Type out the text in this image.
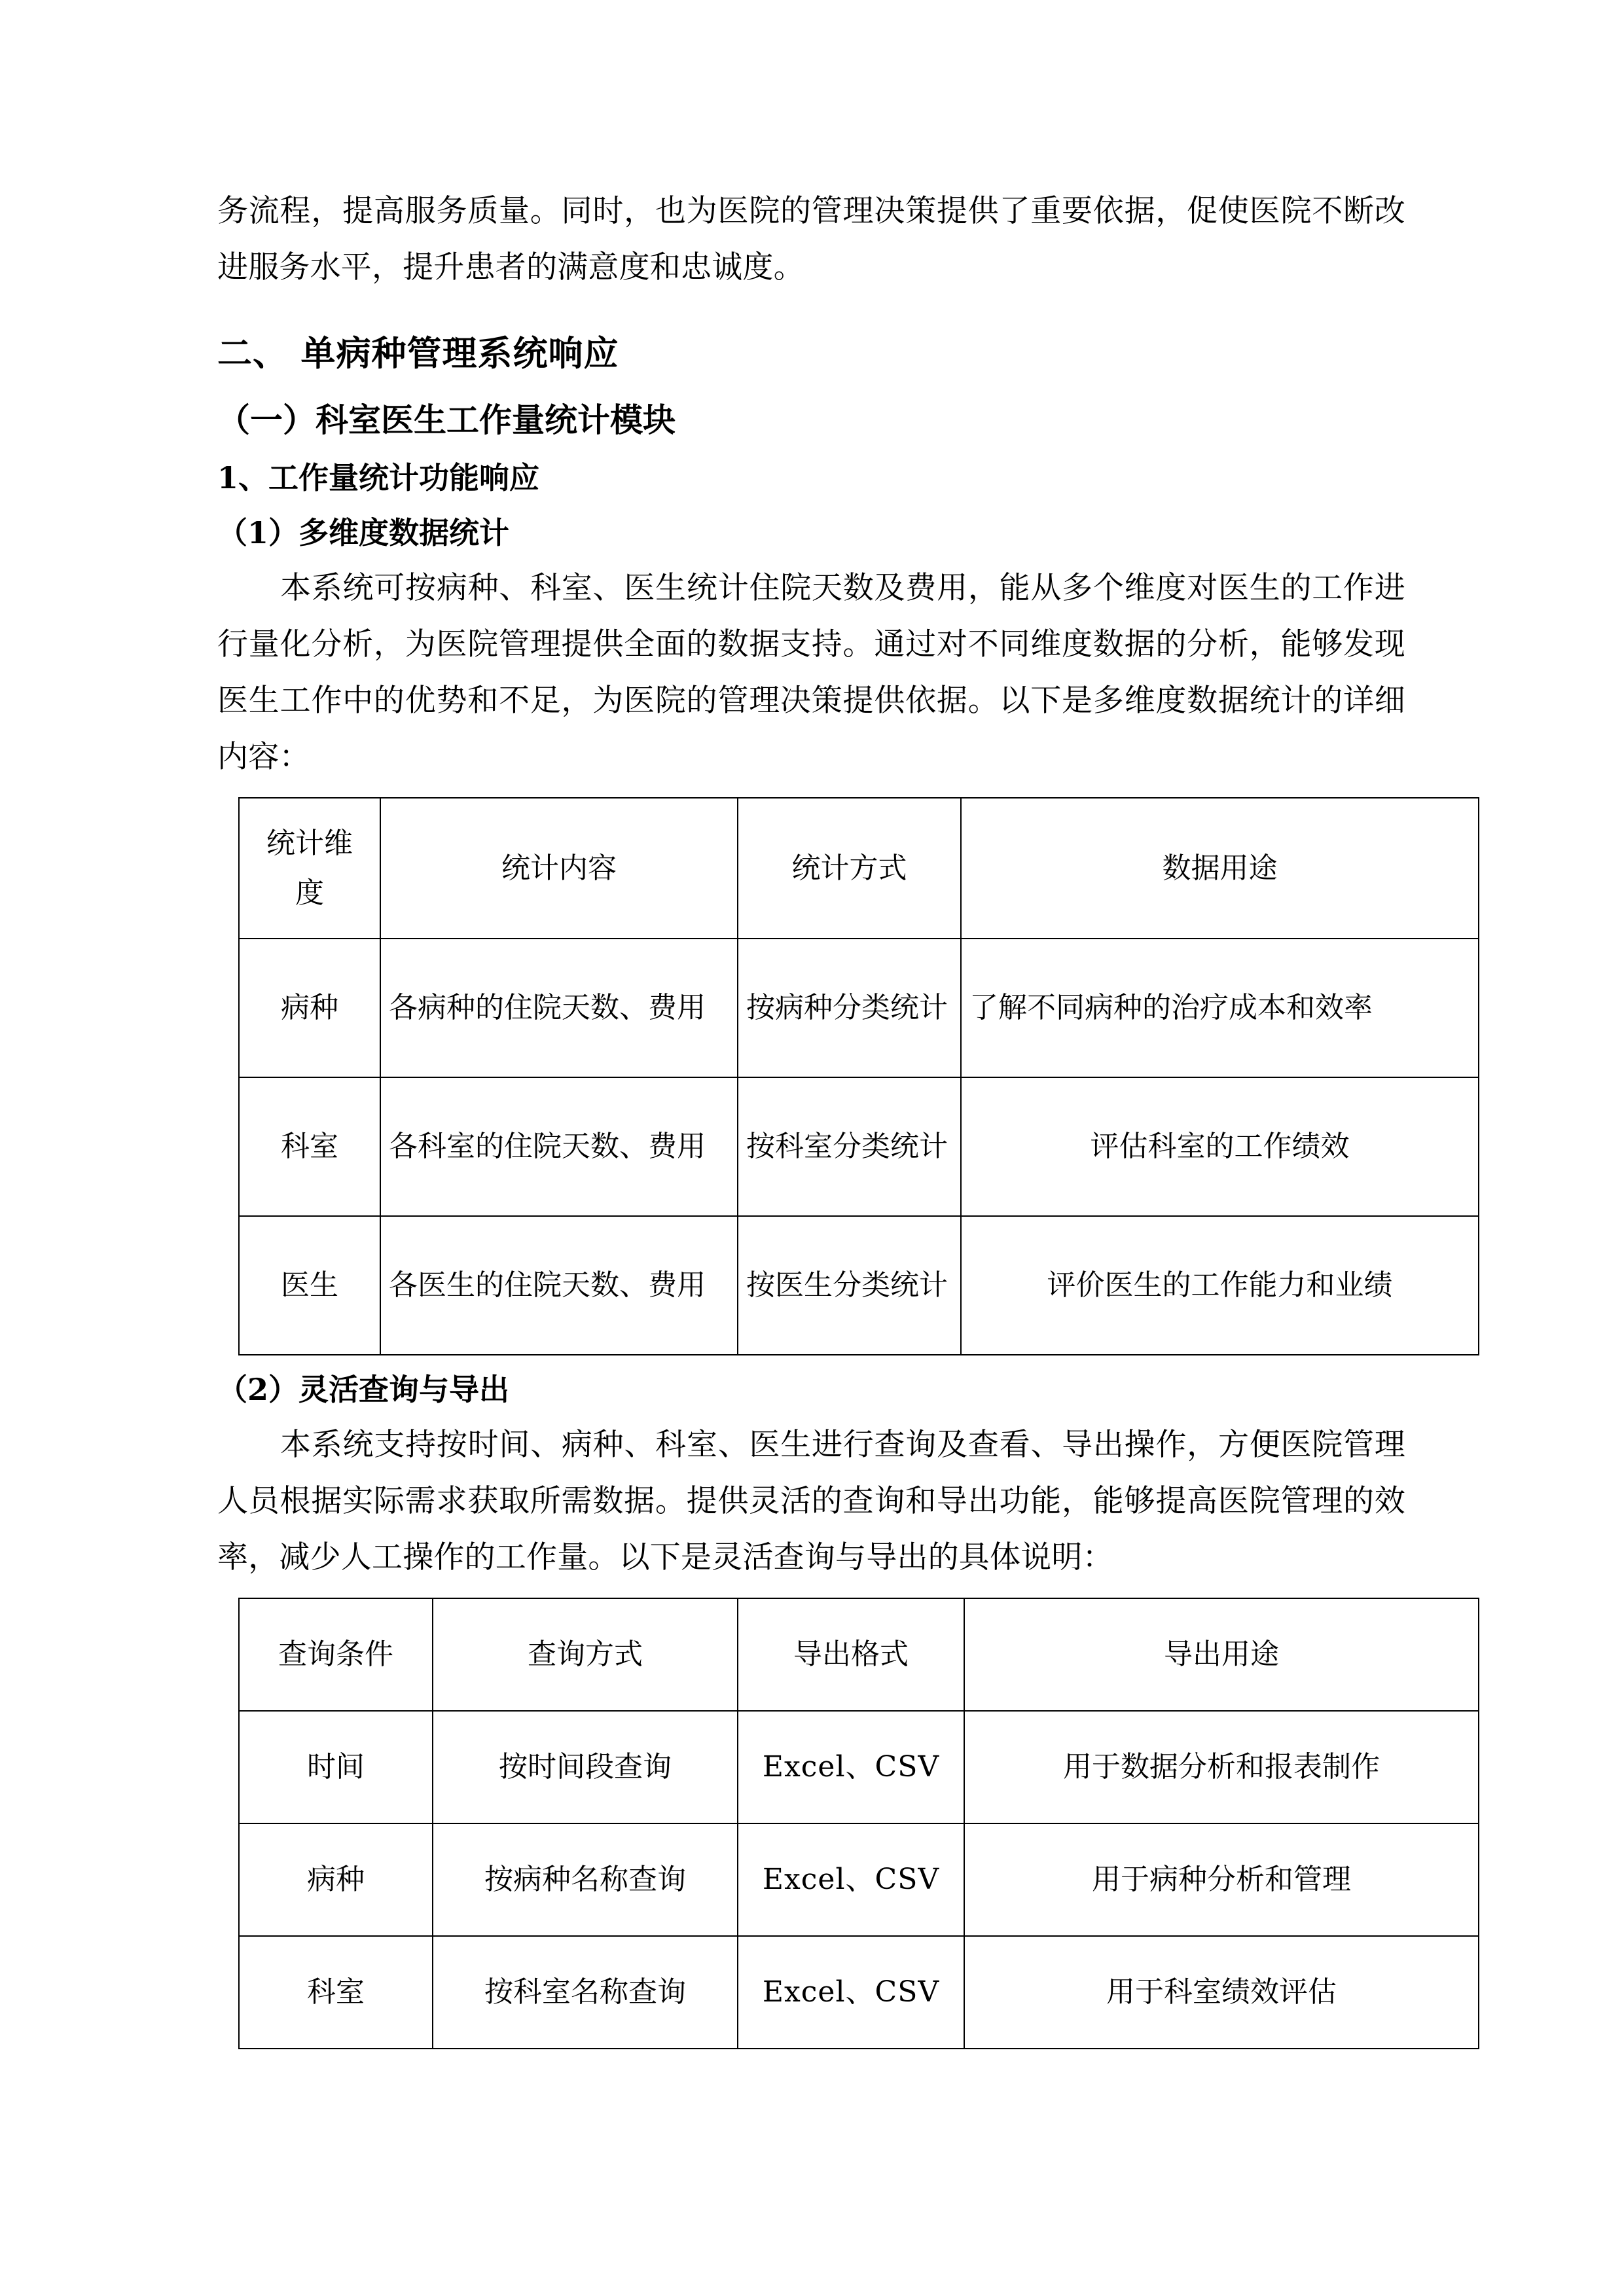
务流程，提高服务质量。同时，也为医院的管理决策提供了重要依据，促使医院不断改进服务水平，提升患者的满意度和忠诚度。

二、 单病种管理系统响应
（一）科室医生工作量统计模块
1、工作量统计功能响应
（1）多维度数据统计

本系统可按病种、科室、医生统计住院天数及费用，能从多个维度对医生的工作进行量化分析，为医院管理提供全面的数据支持。通过对不同维度数据的分析，能够发现医生工作中的优势和不足，为医院的管理决策提供依据。以下是多维度数据统计的详细内容：

统计维
度	统计内容	统计方式	数据用途
病种	各病种的住院天数、费用	按病种分类统计	了解不同病种的治疗成本和效率
科室	各科室的住院天数、费用	按科室分类统计	评估科室的工作绩效
医生	各医生的住院天数、费用	按医生分类统计	评价医生的工作能力和业绩
（2）灵活查询与导出

本系统支持按时间、病种、科室、医生进行查询及查看、导出操作，方便医院管理人员根据实际需求获取所需数据。提供灵活的查询和导出功能，能够提高医院管理的效率，减少人工操作的工作量。以下是灵活查询与导出的具体说明：

查询条件	查询方式	导出格式	导出用途
时间	按时间段查询	Excel、CSV	用于数据分析和报表制作
病种	按病种名称查询	Excel、CSV	用于病种分析和管理
科室	按科室名称查询	Excel、CSV	用于科室绩效评估
